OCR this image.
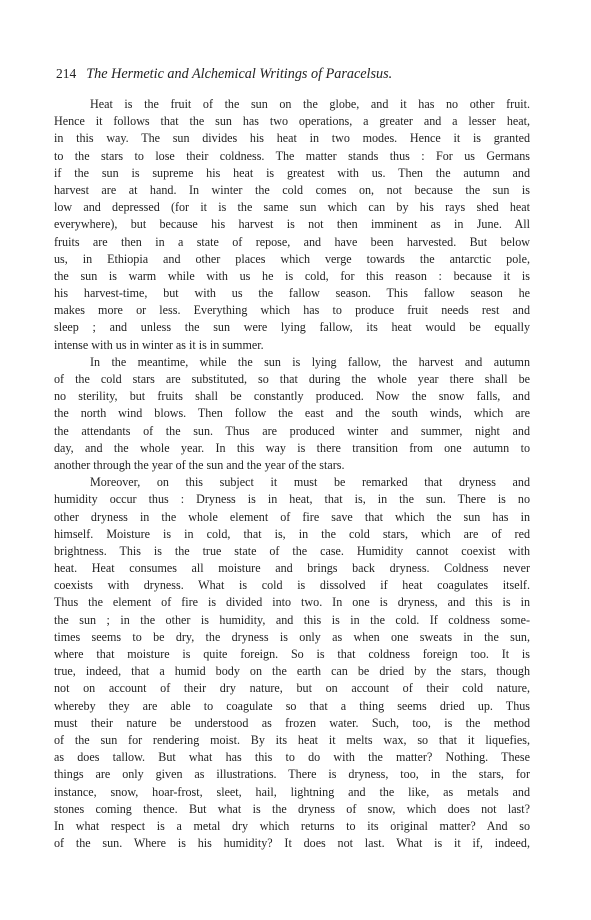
214 The Hermetic and Alchemical Writings of Paracelsus.

Heat is the fruit of the sun on the globe, and it has no other fruit.
Hence it follows that the sun has two operations, a greater and a lesser heat,
in this way. The sun divides his heat in two modes. Hence it is granted
to the stars to lose their coldness. The matter stands thus : For us Germans
if the sun is supreme his heat is greatest with us. Then the autumn and
harvest are at hand. In winter the cold comes on, not because the sun is
low and depressed (for it is the same sun which can by his rays shed heat
everywhere), but because his harvest is not then imminent as in June. All
fruits are then in a state of repose, and have been harvested. But below
us, in Ethiopia and other places which verge towards the antarctic pole,
the sun is warm while with us he is cold, for this reason : because it is
his harvest-time, but with us the fallow season. This fallow season he
makes more or less. Everything which has to produce fruit needs rest and
sleep ; and unless the sun were lying fallow, its heat would be equally
intense with us in winter as it is in summer.

In the meantime, while the sun is lying fallow, the harvest and autumn
of the cold stars are substituted, so that during the whole year there shall be
no sterility, but fruits shall be constantly produced. Now the snow falls, and
the north wind blows. Then follow the east and the south winds, which are
the attendants of the sun. Thus are produced winter and summer, night and
day, and the whole year. In this way is there transition from one autumn to
another through the year of the sun and the year of the stars.

Moreover, on this subject it must be remarked that dryness and
humidity occur thus : Dryness is in heat, that is, in the sun. There is no
other dryness in the whole element of fire save that which the sun has in
himself. Moisture is in cold, that is, in the cold stars, which are of red
brightness. This is the true state of the case. Humidity cannot coexist with
heat. Heat consumes all moisture and brings back dryness. Coldness never
coexists with dryness. What is cold is dissolved if heat coagulates itself.
Thus the element of fire is divided into two. In one is dryness, and this is in
the sun ; in the other is humidity, and this is in the cold. If coldness some-
times seems to be dry, the dryness is only as when one sweats in the sun,
where that moisture is quite foreign. So is that coldness foreign too. It is
true, indeed, that a humid body on the earth can be dried by the stars, though
not on account of their dry nature, but on account of their cold nature,
whereby they are able to coagulate so that a thing seems dried up. Thus
must their nature be understood as frozen water. Such, too, is the method
of the sun for rendering moist. By its heat it melts wax, so that it liquefies,
as does tallow. But what has this to do with the matter? Nothing. These
things are only given as illustrations. There is dryness, too, in the stars, for
instance, snow, hoar-frost, sleet, hail, lightning and the like, as metals and
stones coming thence. But what is the dryness of snow, which does not last?
In what respect is a metal dry which returns to its original matter? And so
of the sun. Where is his humidity? It does not last. What is it if, indeed,
